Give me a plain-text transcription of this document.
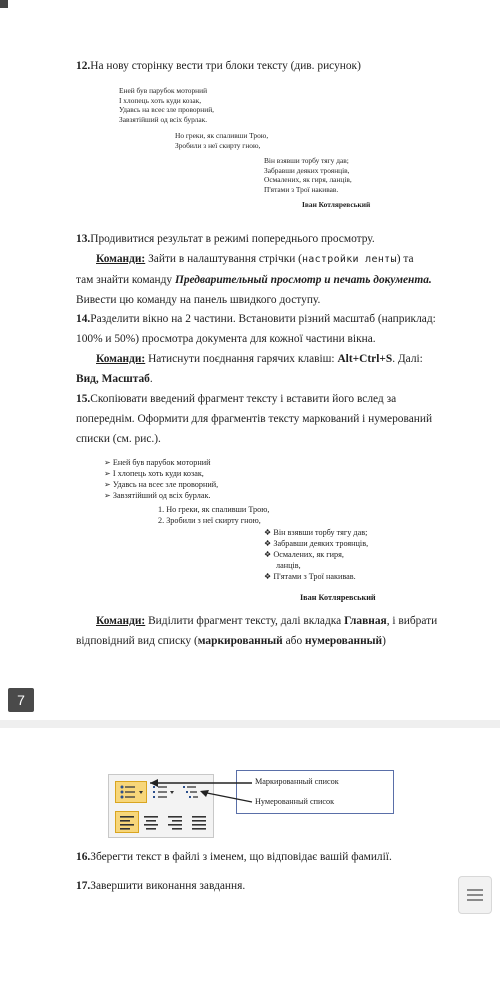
12.На нову сторінку вести три блоки тексту (див. рисунок)
Еней був парубок моторний
І хлопець хоть куди козак,
Удавсь на всеє зле проворний,
Завзятійший од всіх бурлак.
Но греки, як спаливши Трою,
Зробили з неї скирту гною,
Він взявши торбу тягу дав;
Забравши деяких троянців,
Осмалених, як гиря, ланців,
П'ятами з Трої накивав.
Іван Котляревський
13.Продивитися результат в режимі попереднього просмотру.
Команди: Зайти в налаштування стрічки (настройки ленты) та
там знайти команду Предварительный просмотр и печать документа.
Вивести цю команду на панель швидкого доступу.
14.Разделити вікно на 2 частини. Встановити різний масштаб (наприклад:
100% и 50%) просмотра документа для кожної частини вікна.
Команди: Натиснути поєднання гарячих клавіш: Alt+Ctrl+S. Далі:
Вид, Масштаб.
15.Скопіювати введений фрагмент тексту і вставити його вслед за
попереднім. Оформити для фрагментів тексту маркований і нумерований
списки (см. рис.).
➢ Еней був парубок моторний
➢ І хлопець хоть куди козак,
➢ Удавсь на всеє зле проворний,
➢ Завзятійший од всіх бурлак.
1. Но греки, як спаливши Трою,
2. Зробили з неї скирту гною,
❖ Він взявши торбу тягу дав;
❖ Забравши деяких троянців,
❖ Осмалених, як гиря,
ланців,
❖ П'ятами з Трої накивав.
Іван Котляревський
Команди: Виділити фрагмент тексту, далі вкладка Главная, і вибрати
відповідний вид списку (маркированный або нумерованный)
7
Маркированный список
Нумерованный список
16.Зберегти текст в файлі з іменем, що відповідає вашій фамилії.
17.Завершити виконання завдання.
